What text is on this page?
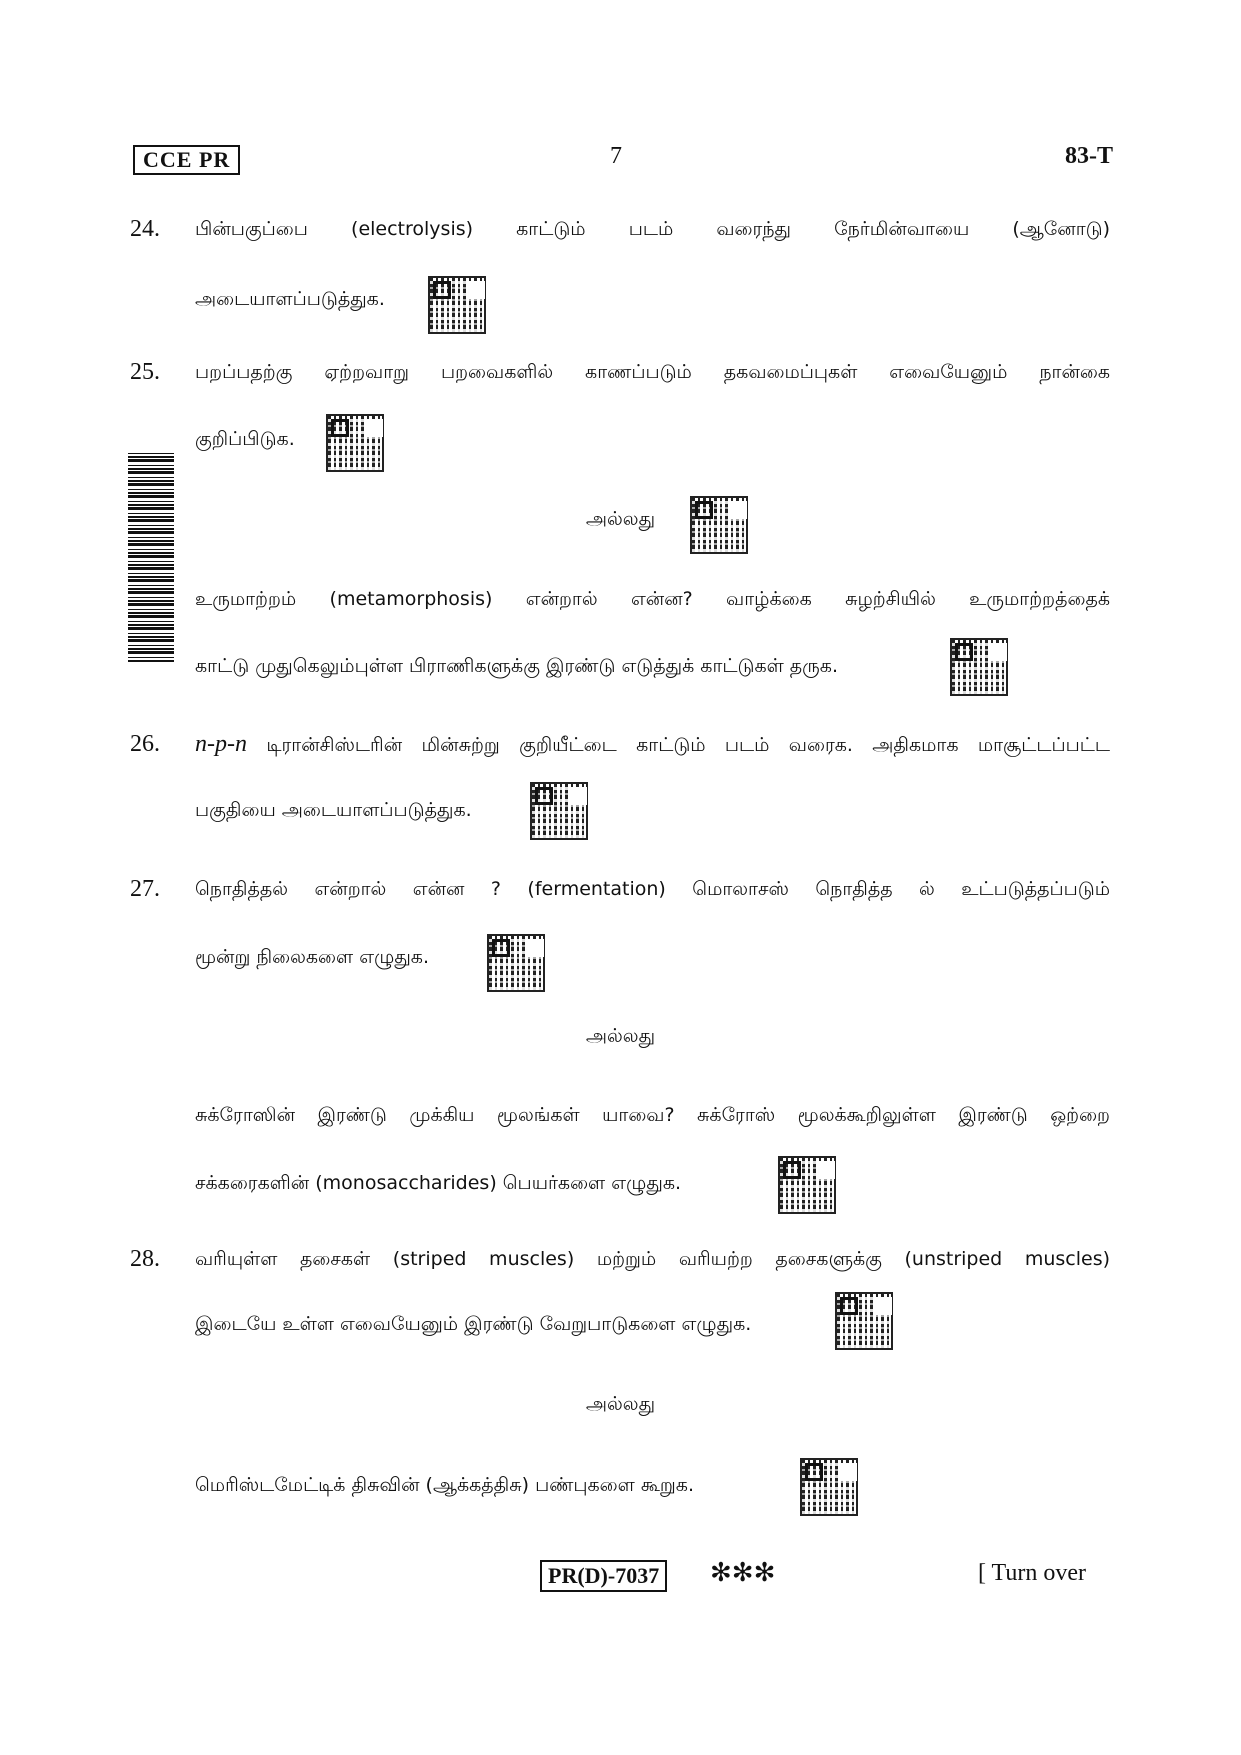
CCE PR	7	83-T
24. பின்பகுப்பை (electrolysis) காட்டும் படம் வரைந்து நேர்மின்வாயை (ஆனோடு)
அடையாளப்படுத்துக.
25. பறப்பதற்கு ஏற்றவாறு பறவைகளில் காணப்படும் தகவமைப்புகள் எவையேனும் நான்கை
குறிப்பிடுக.
அல்லது
உருமாற்றம் (metamorphosis) என்றால் என்ன? வாழ்க்கை சுழற்சியில் உருமாற்றத்தைக்
காட்டு முதுகெலும்புள்ள பிராணிகளுக்கு இரண்டு எடுத்துக் காட்டுகள் தருக.
26. n-p-n டிரான்சிஸ்டரின் மின்சுற்று குறியீட்டை காட்டும் படம் வரைக. அதிகமாக மாசூட்டப்பட்ட
பகுதியை அடையாளப்படுத்துக.
27. நொதித்தல் என்றால் என்ன ? (fermentation) மொலாசஸ் நொதித்த ல் உட்படுத்தப்படும்
மூன்று நிலைகளை எழுதுக.
அல்லது
சுக்ரோஸின் இரண்டு முக்கிய மூலங்கள் யாவை? சுக்ரோஸ் மூலக்கூறிலுள்ள இரண்டு ஒற்றை
சக்கரைகளின் (monosaccharides) பெயர்களை எழுதுக.
28. வரியுள்ள தசைகள் (striped muscles) மற்றும் வரியற்ற தசைகளுக்கு (unstriped muscles)
இடையே உள்ள எவையேனும் இரண்டு வேறுபாடுகளை எழுதுக.
அல்லது
மெரிஸ்டமேட்டிக் திசுவின் (ஆக்கத்திசு) பண்புகளை கூறுக.
PR(D)-7037	✻✻✻	[ Turn over
